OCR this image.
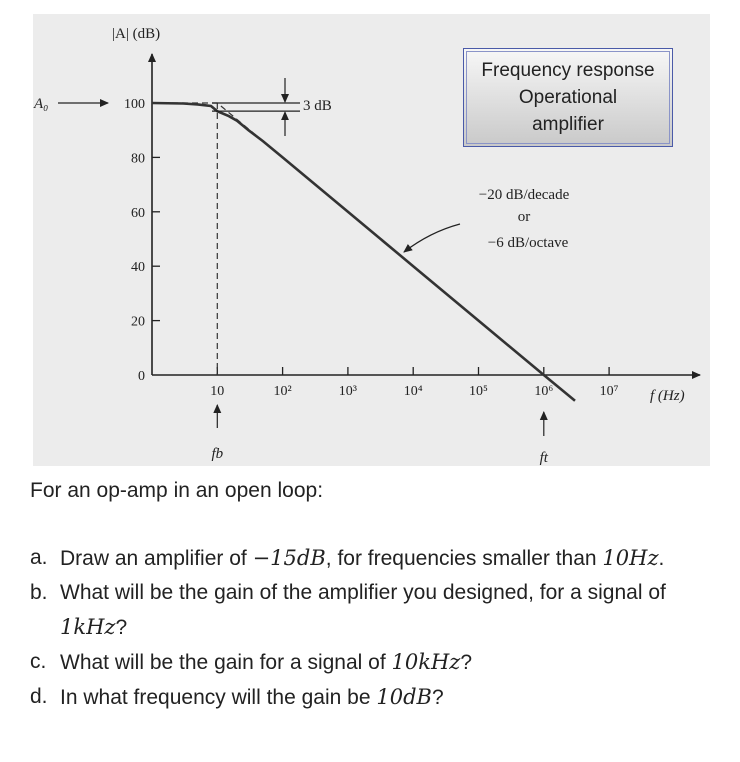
|A| (dB)
f (Hz)
0
20
40
60
80
100
10	10²	10³	10⁴	10⁵	10⁶	10⁷
A₀	3 dB
−20 dB/decade
or
−6 dB/octave
fb	ft
Frequency response
Operational
amplifier
For an op-amp in an open loop:
a. Draw an amplifier of −15dB, for frequencies smaller than 10Hz.
b. What will be the gain of the amplifier you designed, for a signal of 1kHz?
c. What will be the gain for a signal of 10kHz?
d. In what frequency will the gain be 10dB?
